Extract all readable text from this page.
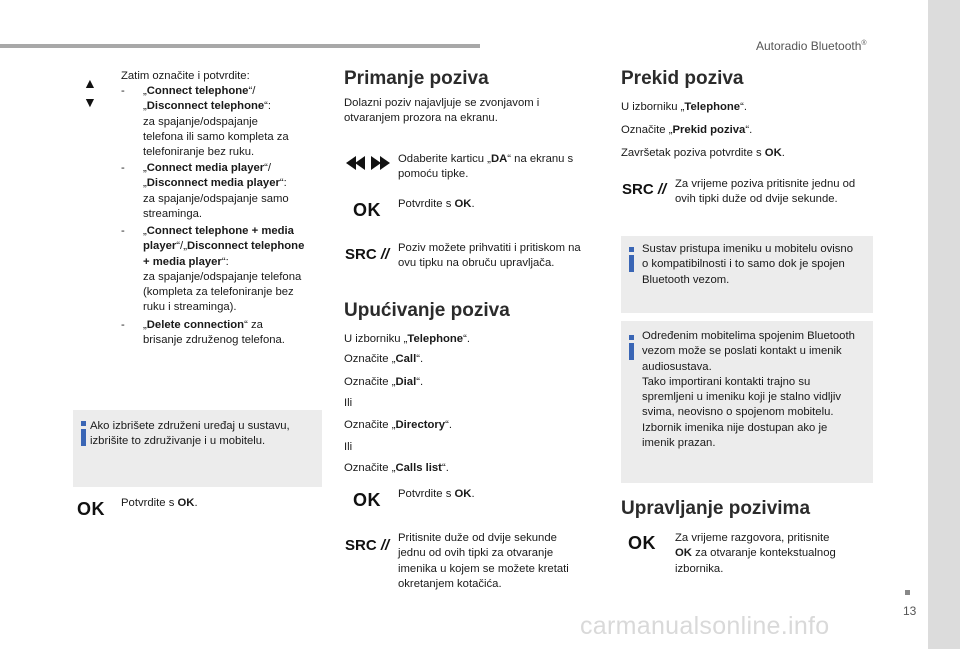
Autoradio Bluetooth®
13
carmanualsonline.info
▲
▼
Zatim označite i potvrdite:
- „Connect telephone“/
„Disconnect telephone“:
za spajanje/odspajanje
telefona ili samo kompleta za
telefoniranje bez ruku.
- „Connect media player“/
„Disconnect media player“:
za spajanje/odspajanje samo
streaminga.
- „Connect telephone + media
player“/„Disconnect telephone
+ media player“:
za spajanje/odspajanje telefona
(kompleta za telefoniranje bez
ruku i streaminga).
- „Delete connection“ za
brisanje združenog telefona.
Ako izbrišete združeni uređaj u sustavu,
izbrišite to združivanje i u mobitelu.
OK Potvrdite s OK.
Primanje poziva
Dolazni poziv najavljuje se zvonjavom i
otvaranjem prozora na ekranu.
Odaberite karticu „DA“ na ekranu s
pomoću tipke.
OK Potvrdite s OK.
SRC // Poziv možete prihvatiti i pritiskom na
ovu tipku na obruču upravljača.
Upućivanje poziva
U izborniku „Telephone“.
Označite „Call“.
Označite „Dial“.
Ili
Označite „Directory“.
Ili
Označite „Calls list“.
OK Potvrdite s OK.
SRC // Pritisnite duže od dvije sekunde
jednu od ovih tipki za otvaranje
imenika u kojem se možete kretati
okretanjem kotačića.
Prekid poziva
U izborniku „Telephone“.
Označite „Prekid poziva“.
Završetak poziva potvrdite s OK.
SRC // Za vrijeme poziva pritisnite jednu od
ovih tipki duže od dvije sekunde.
Sustav pristupa imeniku u mobitelu ovisno
o kompatibilnosti i to samo dok je spojen
Bluetooth vezom.
Određenim mobitelima spojenim Bluetooth
vezom može se poslati kontakt u imenik
audiosustava.
Tako importirani kontakti trajno su
spremljeni u imeniku koji je stalno vidljiv
svima, neovisno o spojenom mobitelu.
Izbornik imenika nije dostupan ako je
imenik prazan.
Upravljanje pozivima
OK Za vrijeme razgovora, pritisnite
OK za otvaranje kontekstualnog
izbornika.
